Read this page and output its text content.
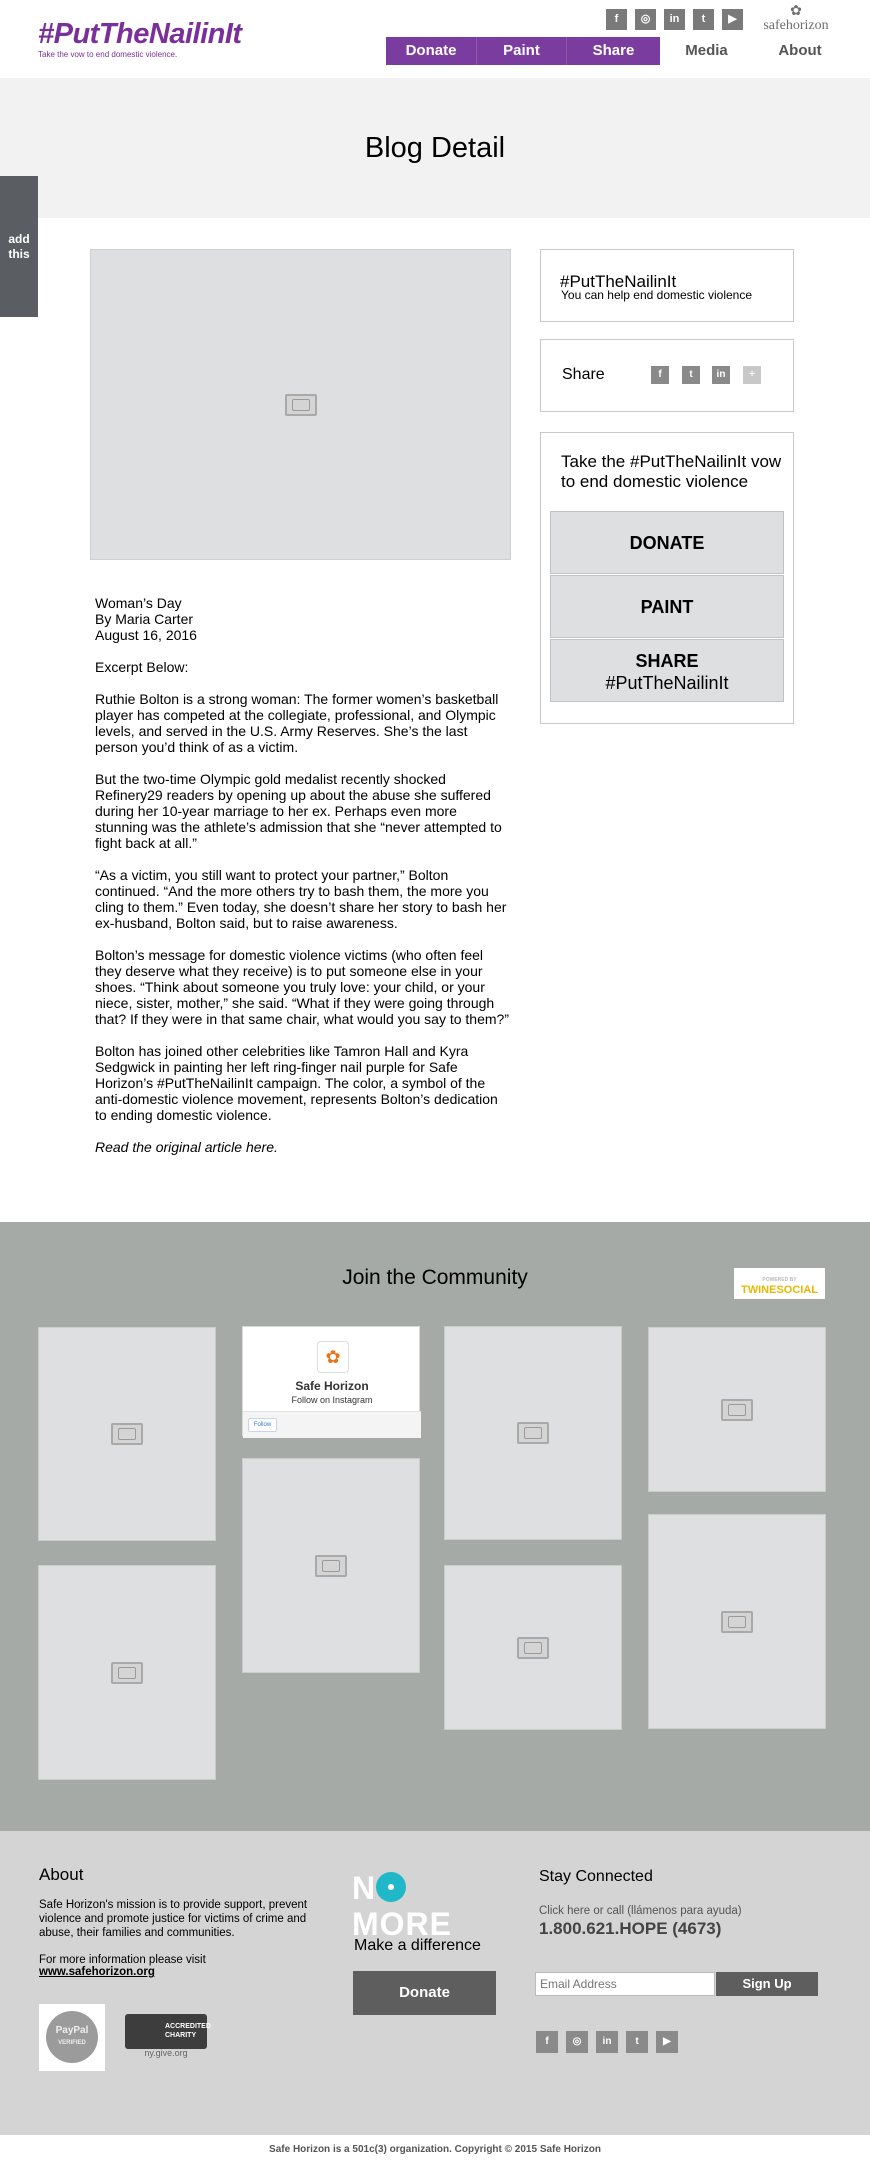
#PutTheNailinIt
Take the vow to end domestic violence.
f	◎	in	t	▶	✿
safehorizon
Donate	Paint	Share	Media	About
Blog Detail
add
this
Woman’s Day
By Maria Carter
August 16, 2016

Excerpt Below:

Ruthie Bolton is a strong woman: The former women’s basketball player has competed at the collegiate, professional, and Olympic levels, and served in the U.S. Army Reserves. She’s the last person you’d think of as a victim.

But the two-time Olympic gold medalist recently shocked Refinery29 readers by opening up about the abuse she suffered during her 10-year marriage to her ex. Perhaps even more stunning was the athlete’s admission that she “never attempted to fight back at all.”

“As a victim, you still want to protect your partner,” Bolton continued. “And the more others try to bash them, the more you cling to them.” Even today, she doesn’t share her story to bash her ex-husband, Bolton said, but to raise awareness.

Bolton’s message for domestic violence victims (who often feel they deserve what they receive) is to put someone else in your shoes. “Think about someone you truly love: your child, or your niece, sister, mother,” she said. “What if they were going through that? If they were in that same chair, what would you say to them?”

Bolton has joined other celebrities like Tamron Hall and Kyra Sedgwick in painting her left ring-finger nail purple for Safe Horizon’s #PutTheNailinIt campaign. The color, a symbol of the anti-domestic violence movement, represents Bolton’s dedication to ending domestic violence.

Read the original article here.

#PutTheNailinIt
You can help end domestic violence
Share	f	t	in	+
Take the #PutTheNailinIt vow to end domestic violence
DONATE
PAINT
SHARE
#PutTheNailinIt
Join the Community	POWERED BY
TWINESOCIAL
✿
Safe Horizon
Follow on Instagram
Follow
About
Safe Horizon's mission is to provide support, prevent violence and promote justice for victims of crime and abuse, their families and communities.
For more information please visit
www.safehorizon.org
PayPal
VERIFIED
ACCREDITED CHARITY
ny.give.org
N MORE
Make a difference
Donate
Stay Connected
Click here or call (llámenos para ayuda)
1.800.621.HOPE (4673)
Email Address
Sign Up
f	◎	in	t	▶
Safe Horizon is a 501c(3) organization. Copyright © 2015 Safe Horizon
